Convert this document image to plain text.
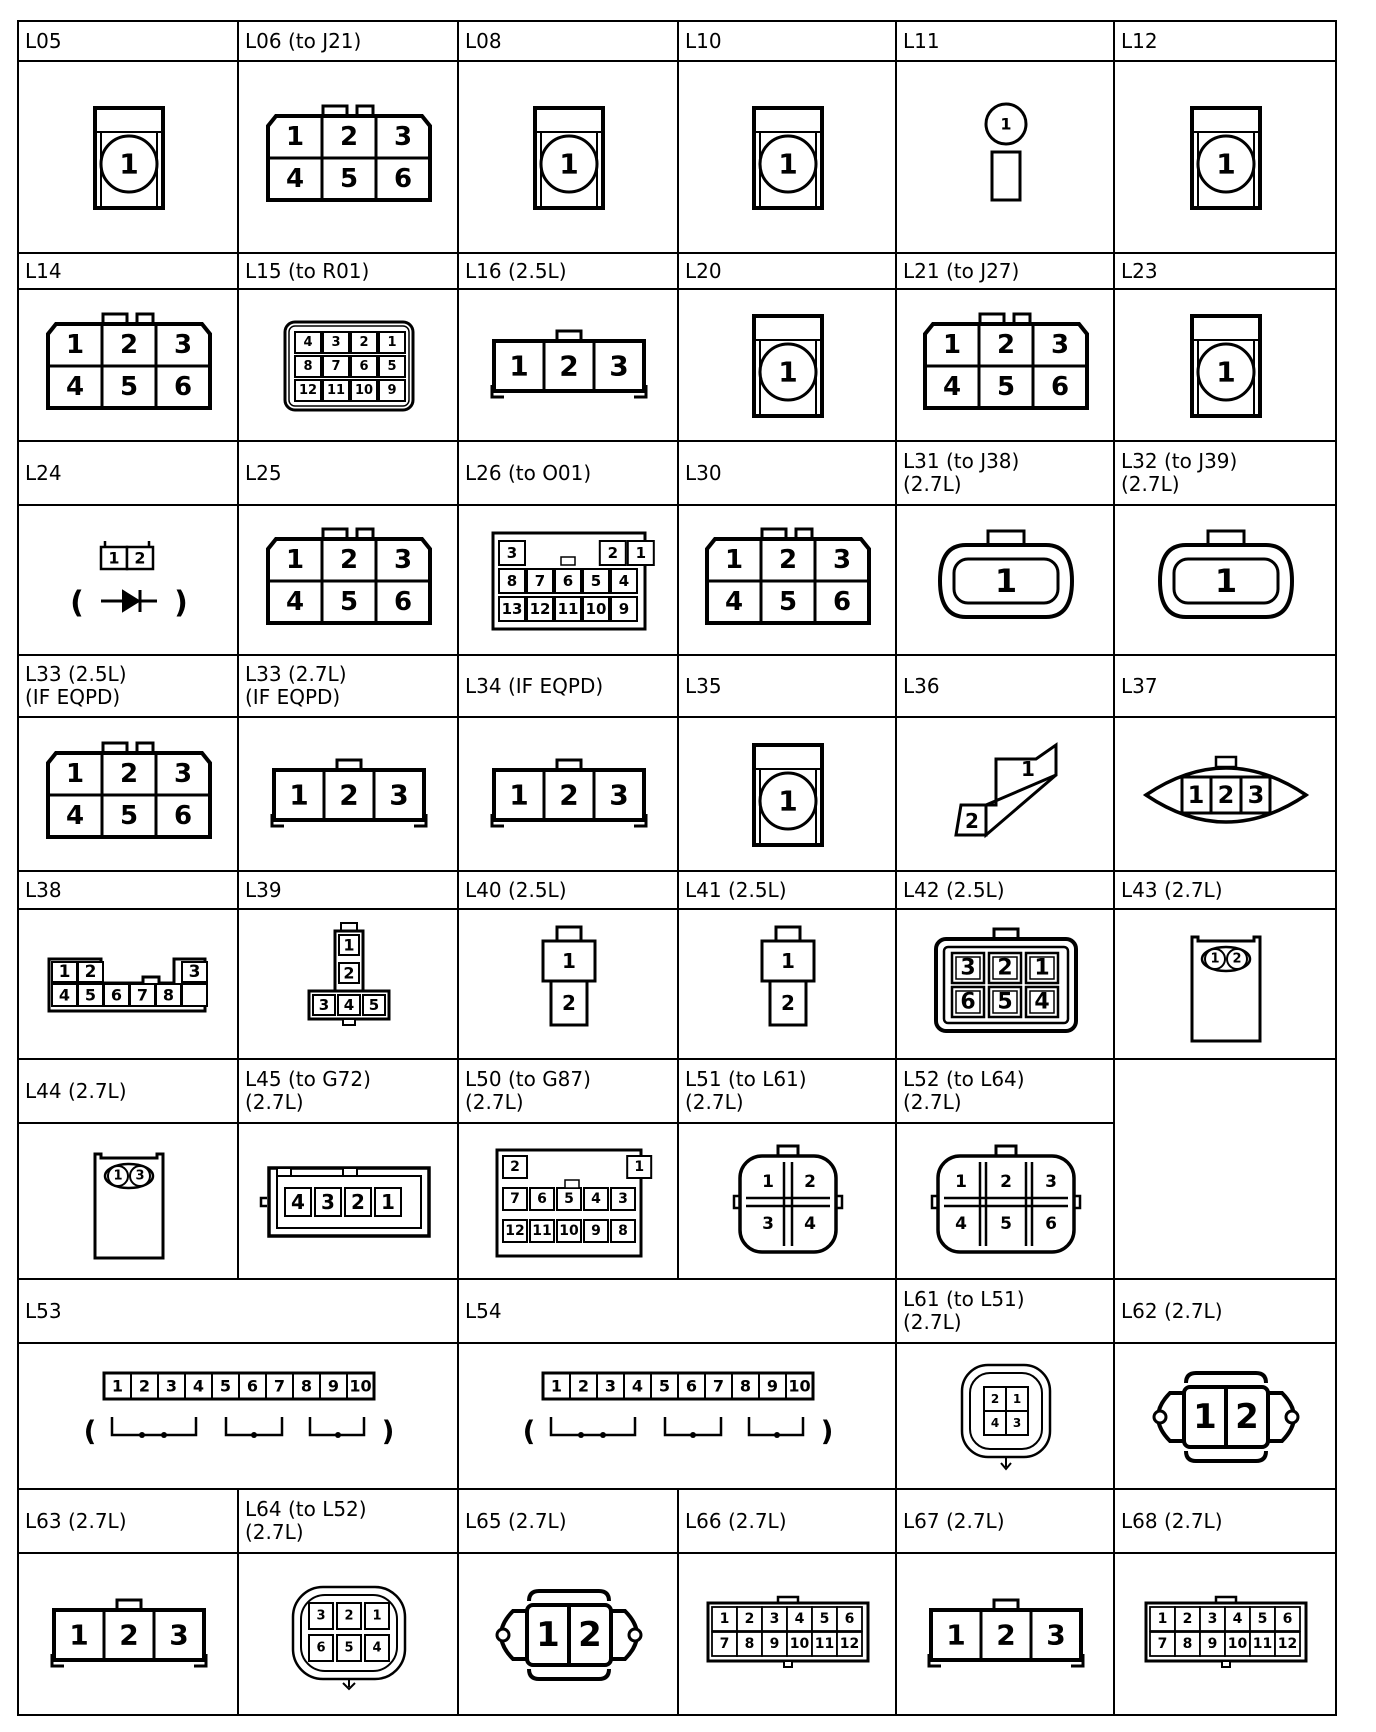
L05
1
L06 (to J21)
1 2 3
4 5 6
L08
1
L10
1
L11
1
L12
1
L14
1 2 3
4 5 6
L15 (to R01)
4 3 2 1
8 7 6 5
12 11 10 9
L16 (2.5L)
1 2 3
L20
1
L21 (to J27)
1 2 3
4 5 6
L23
1
L24
1 2
(	)
L25
1 2 3
4 5 6
L26 (to O01)
3	2 1
8 7 6 5 4
13 12 11 10 9
L30
1 2 3
4 5 6
L31 (to J38)
(2.7L)
1
L32 (to J39)
(2.7L)
1
L33 (2.5L)
(IF EQPD)
1 2 3
4 5 6
L33 (2.7L)
(IF EQPD)
1 2 3
L34 (IF EQPD)
1 2 3
L35
1
L36
1
2
L37
1 2 3
L38
1 2	3
4 5 6 7 8
L39
1
2
3 4 5
L40 (2.5L)
1
2
L41 (2.5L)
1
2
L42 (2.5L)
3 2 1
6 5 4
L43 (2.7L)
1 2
L44 (2.7L)
1 3
L45 (to G72)
(2.7L)
4 3 2 1
L50 (to G87)
(2.7L)
2	1
7 6 5 4 3
12 11 10 9 8
L51 (to L61)
(2.7L)
1 2
3 4
L52 (to L64)
(2.7L)
1 2 3
4 5 6
L53
1 2 3 4 5 6 7 8 9 10
(	)
L54
1 2 3 4 5 6 7 8 9 10
(	)
L61 (to L51)
(2.7L)
2 1
4 3
L62 (2.7L)
1 2
L63 (2.7L)
1 2 3
L64 (to L52)
(2.7L)
3 2 1
6 5 4
L65 (2.7L)
1 2
L66 (2.7L)
1 2 3 4 5 6
7 8 9 10 11 12
L67 (2.7L)
1 2 3
L68 (2.7L)
1 2 3 4 5 6
7 8 9 10 11 12
